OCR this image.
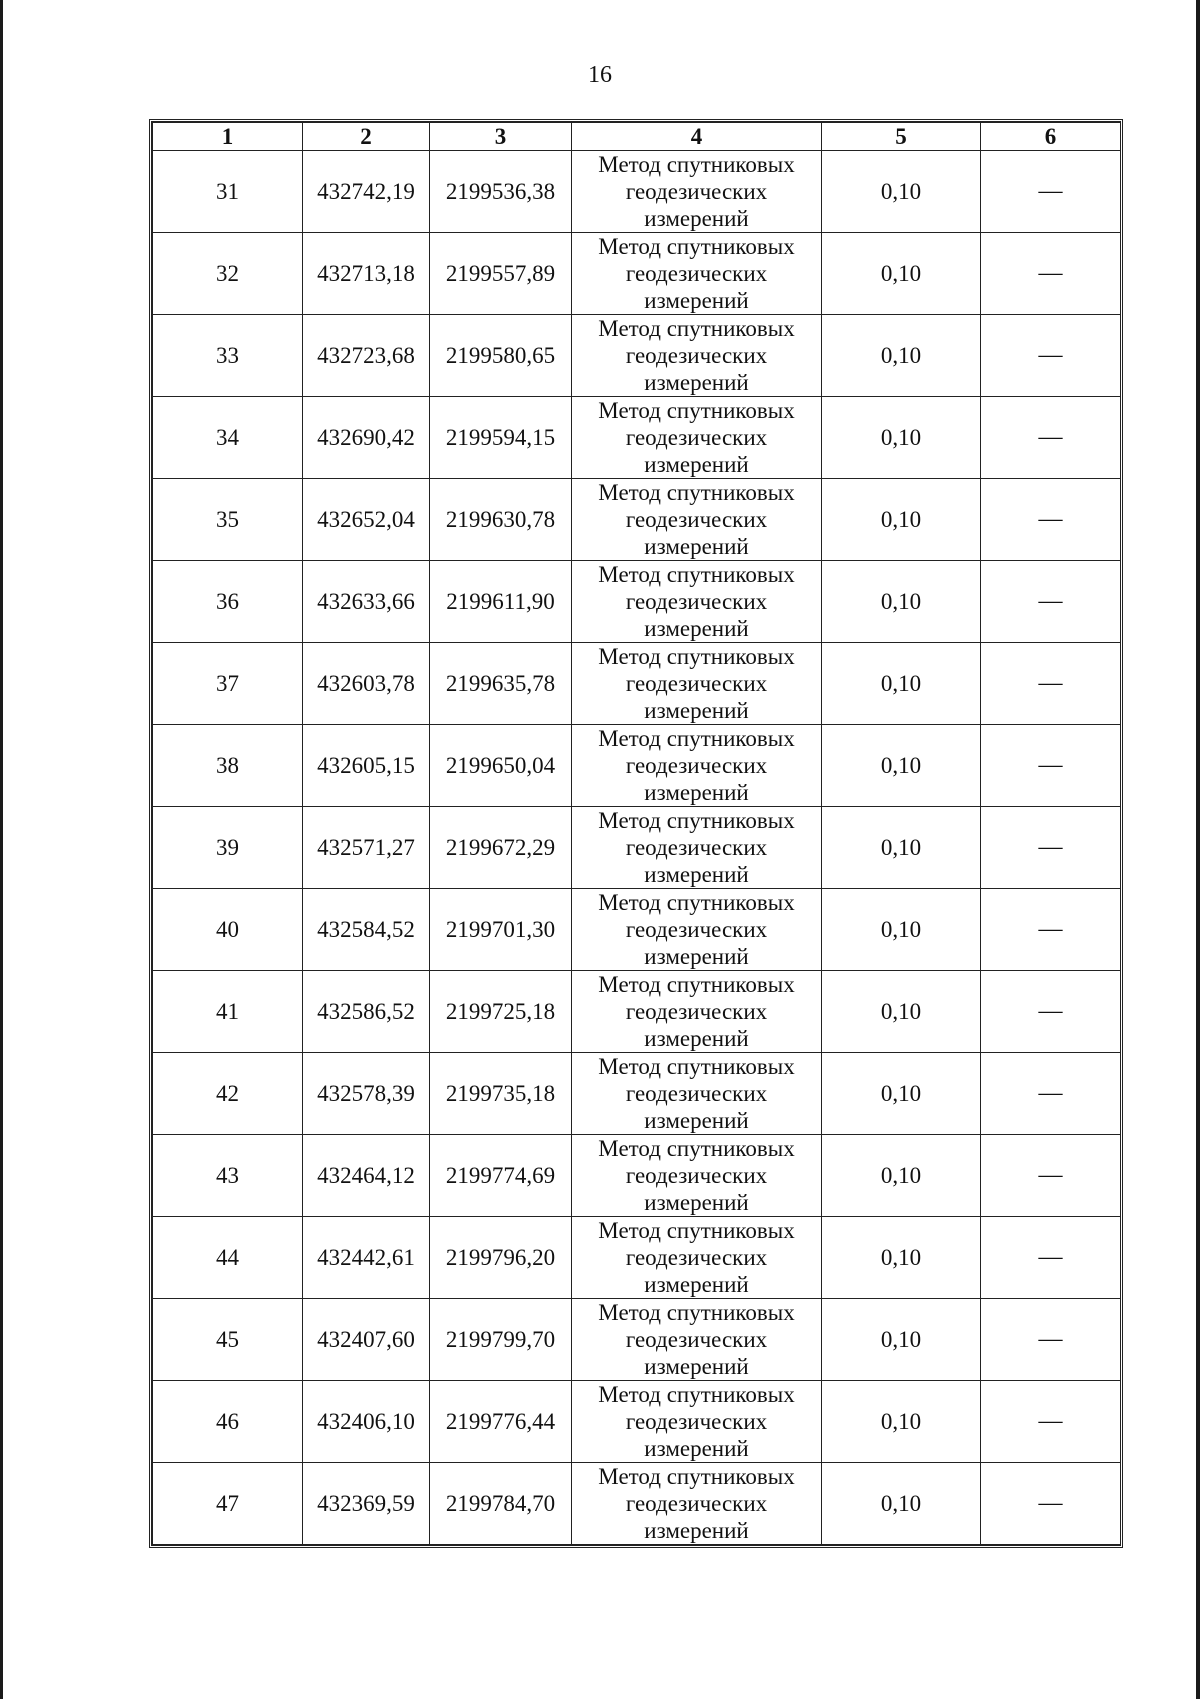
16
1	2	3	4	5	6
31	432742,19	2199536,38	Метод спутниковых
геодезических
измерений	0,10	—
32	432713,18	2199557,89	Метод спутниковых
геодезических
измерений	0,10	—
33	432723,68	2199580,65	Метод спутниковых
геодезических
измерений	0,10	—
34	432690,42	2199594,15	Метод спутниковых
геодезических
измерений	0,10	—
35	432652,04	2199630,78	Метод спутниковых
геодезических
измерений	0,10	—
36	432633,66	2199611,90	Метод спутниковых
геодезических
измерений	0,10	—
37	432603,78	2199635,78	Метод спутниковых
геодезических
измерений	0,10	—
38	432605,15	2199650,04	Метод спутниковых
геодезических
измерений	0,10	—
39	432571,27	2199672,29	Метод спутниковых
геодезических
измерений	0,10	—
40	432584,52	2199701,30	Метод спутниковых
геодезических
измерений	0,10	—
41	432586,52	2199725,18	Метод спутниковых
геодезических
измерений	0,10	—
42	432578,39	2199735,18	Метод спутниковых
геодезических
измерений	0,10	—
43	432464,12	2199774,69	Метод спутниковых
геодезических
измерений	0,10	—
44	432442,61	2199796,20	Метод спутниковых
геодезических
измерений	0,10	—
45	432407,60	2199799,70	Метод спутниковых
геодезических
измерений	0,10	—
46	432406,10	2199776,44	Метод спутниковых
геодезических
измерений	0,10	—
47	432369,59	2199784,70	Метод спутниковых
геодезических
измерений	0,10	—
